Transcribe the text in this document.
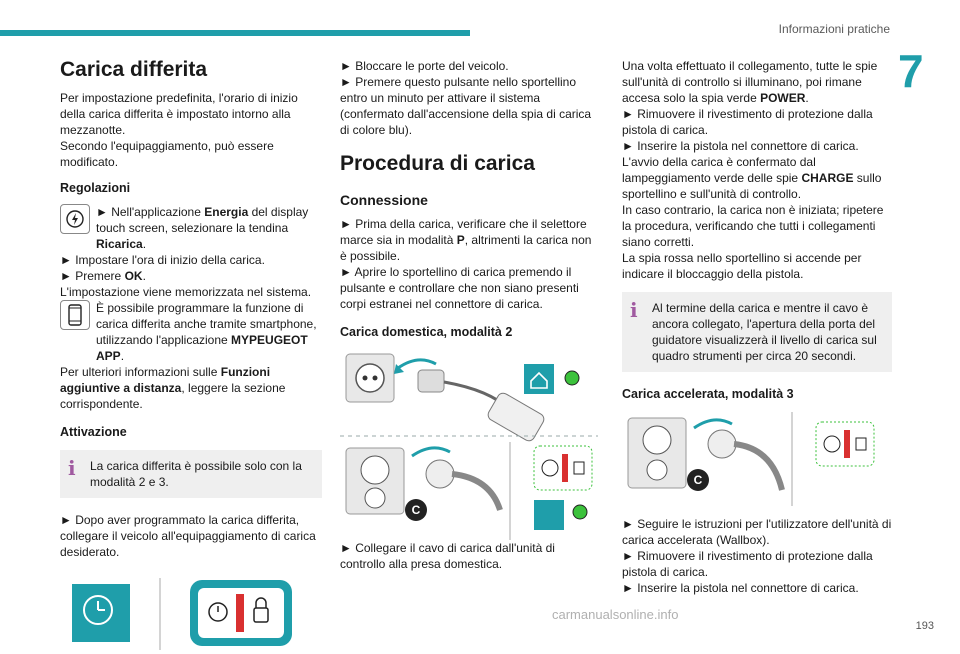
Informazioni pratiche
7
Carica differita

Per impostazione predefinita, l'orario di inizio della carica differita è impostato intorno alla mezzanotte.

Secondo l'equipaggiamento, può essere modificato.

Regolazioni

► Nell'applicazione Energia del display touch screen, selezionare la tendina Ricarica.

► Impostare l'ora di inizio della carica.

► Premere OK.

L'impostazione viene memorizzata nel sistema.

È possibile programmare la funzione di carica differita anche tramite smartphone, utilizzando l'applicazione MYPEUGEOT APP.

Per ulteriori informazioni sulle Funzioni aggiuntive a distanza, leggere la sezione corrispondente.

Attivazione
i La carica differita è possibile solo con la modalità 2 e 3.

► Dopo aver programmato la carica differita, collegare il veicolo all'equipaggiamento di carica desiderato.

► Bloccare le porte del veicolo.

► Premere questo pulsante nello sportellino entro un minuto per attivare il sistema (confermato dall'accensione della spia di carica di colore blu).

Procedura di carica
Connessione

► Prima della carica, verificare che il selettore marce sia in modalità P, altrimenti la carica non è possibile.

► Aprire lo sportellino di carica premendo il pulsante e controllare che non siano presenti corpi estranei nel connettore di carica.

Carica domestica, modalità 2
C

► Collegare il cavo di carica dall'unità di controllo alla presa domestica.

Una volta effettuato il collegamento, tutte le spie sull'unità di controllo si illuminano, poi rimane accesa solo la spia verde POWER.

► Rimuovere il rivestimento di protezione dalla pistola di carica.

► Inserire la pistola nel connettore di carica.

L'avvio della carica è confermato dal lampeggiamento verde delle spie CHARGE sullo sportellino e sull'unità di controllo.

In caso contrario, la carica non è iniziata; ripetere la procedura, verificando che tutti i collegamenti siano corretti.

La spia rossa nello sportellino si accende per indicare il bloccaggio della pistola.

i Al termine della carica e mentre il cavo è ancora collegato, l'apertura della porta del guidatore visualizzerà il livello di carica sul quadro strumenti per circa 20 secondi.

Carica accelerata, modalità 3
C

► Seguire le istruzioni per l'utilizzatore dell'unità di carica accelerata (Wallbox).

► Rimuovere il rivestimento di protezione dalla pistola di carica.

► Inserire la pistola nel connettore di carica.

carmanualsonline.info
193
